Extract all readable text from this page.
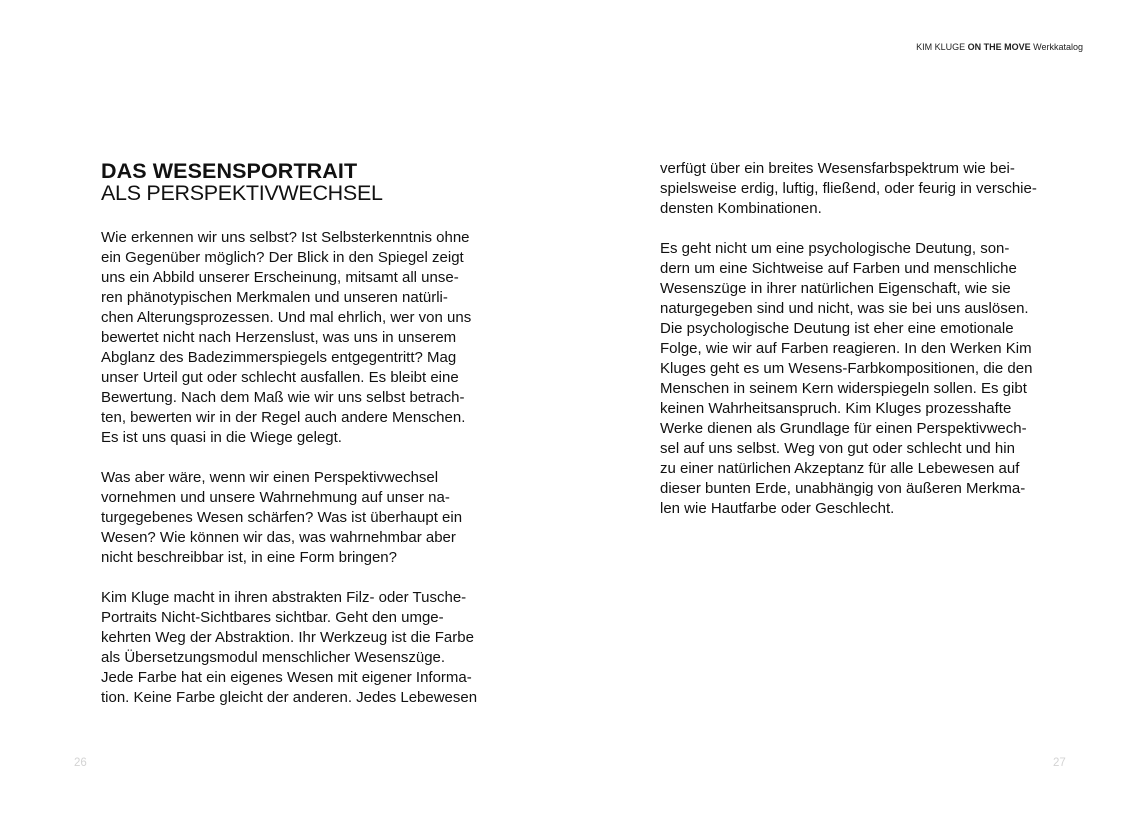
KIM KLUGE ON THE MOVE Werkkatalog
DAS WESENSPORTRAIT
ALS PERSPEKTIVWECHSEL

Wie erkennen wir uns selbst? Ist Selbsterkenntnis ohne
ein Gegenüber möglich? Der Blick in den Spiegel zeigt
uns ein Abbild unserer Erscheinung, mitsamt all unse-
ren phänotypischen Merkmalen und unseren natürli-
chen Alterungsprozessen. Und mal ehrlich, wer von uns
bewertet nicht nach Herzenslust, was uns in unserem
Abglanz des Badezimmerspiegels entgegentritt? Mag
unser Urteil gut oder schlecht ausfallen. Es bleibt eine
Bewertung. Nach dem Maß wie wir uns selbst betrach-
ten, bewerten wir in der Regel auch andere Menschen.
Es ist uns quasi in die Wiege gelegt.

Was aber wäre, wenn wir einen Perspektivwechsel
vornehmen und unsere Wahrnehmung auf unser na-
turgegebenes Wesen schärfen? Was ist überhaupt ein
Wesen? Wie können wir das, was wahrnehmbar aber
nicht beschreibbar ist, in eine Form bringen?

Kim Kluge macht in ihren abstrakten Filz- oder Tusche-
Portraits Nicht-Sichtbares sichtbar. Geht den umge-
kehrten Weg der Abstraktion. Ihr Werkzeug ist die Farbe
als Übersetzungsmodul menschlicher Wesenszüge.
Jede Farbe hat ein eigenes Wesen mit eigener Informa-
tion. Keine Farbe gleicht der anderen. Jedes Lebewesen

verfügt über ein breites Wesensfarbspektrum wie bei-
spielsweise erdig, luftig, fließend, oder feurig in verschie-
densten Kombinationen.

Es geht nicht um eine psychologische Deutung, son-
dern um eine Sichtweise auf Farben und menschliche
Wesenszüge in ihrer natürlichen Eigenschaft, wie sie
naturgegeben sind und nicht, was sie bei uns auslösen.
Die psychologische Deutung ist eher eine emotionale
Folge, wie wir auf Farben reagieren. In den Werken Kim
Kluges geht es um Wesens-Farbkompositionen, die den
Menschen in seinem Kern widerspiegeln sollen. Es gibt
keinen Wahrheitsanspruch. Kim Kluges prozesshafte
Werke dienen als Grundlage für einen Perspektivwech-
sel auf uns selbst. Weg von gut oder schlecht und hin
zu einer natürlichen Akzeptanz für alle Lebewesen auf
dieser bunten Erde, unabhängig von äußeren Merkma-
len wie Hautfarbe oder Geschlecht.

26	27
